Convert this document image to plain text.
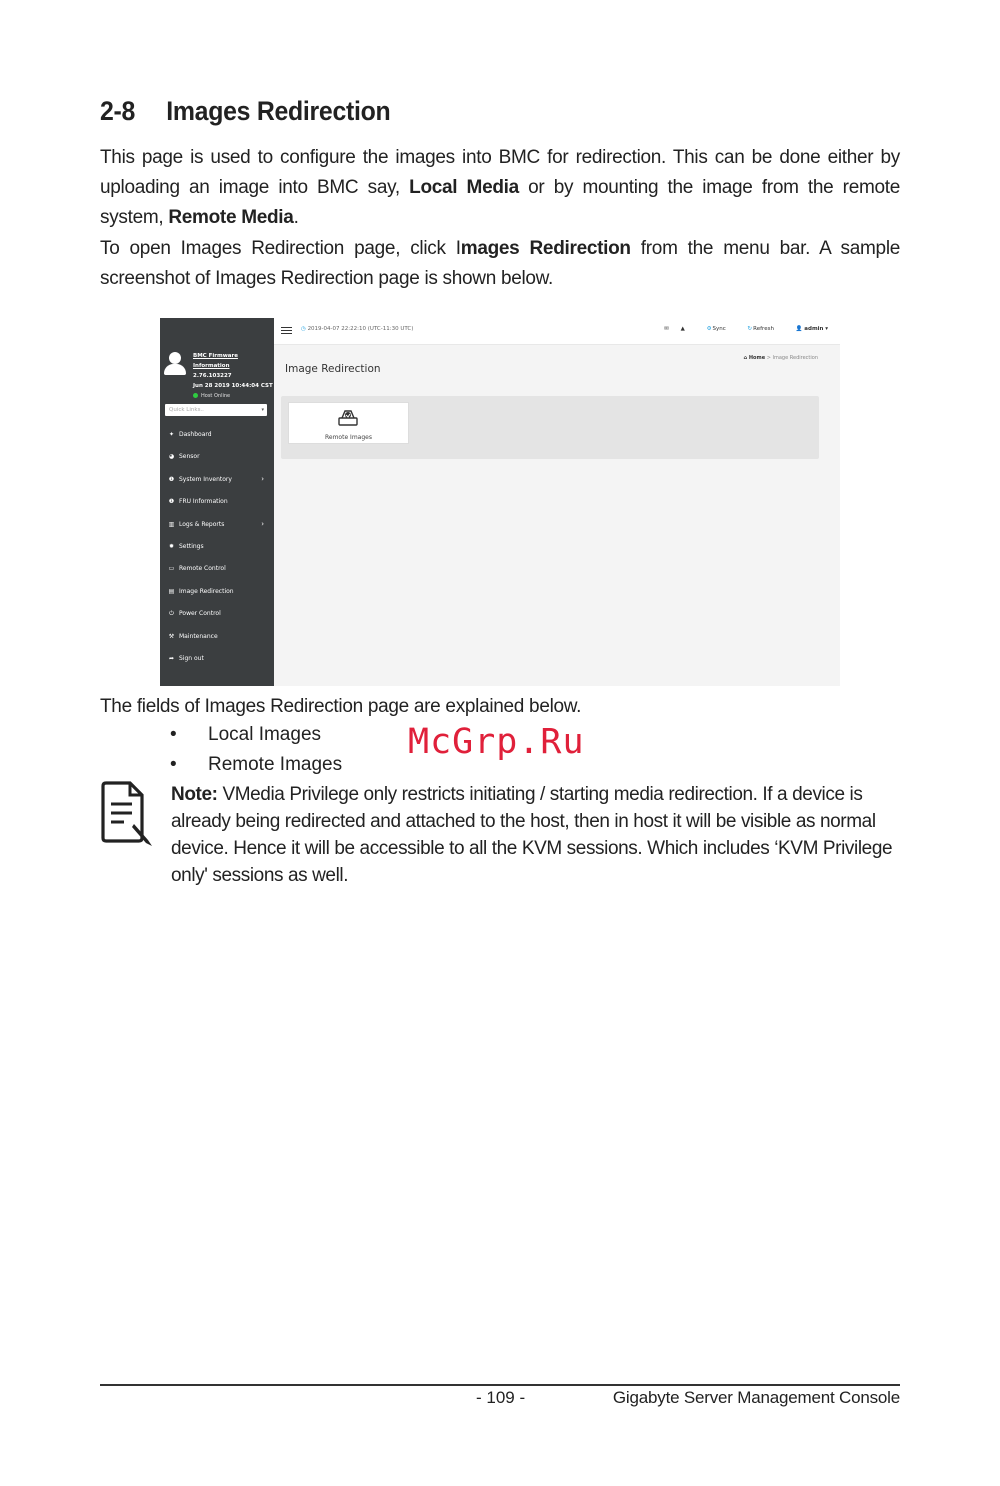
2-8 Images Redirection

This page is used to configure the images into BMC for redirection. This can be done either by uploading an image into BMC say, Local Media or by mounting the image from the remote system, Remote Media.

To open Images Redirection page, click Images Redirection from the menu bar. A sample screenshot of Images Redirection page is shown below.

BMC Firmware Information
2.76.103227
Jun 28 2019 10:44:04 CST
Host Online
Quick Links..	▾
✦ Dashboard
◕ Sensor
❶ System Inventory	›
❶ FRU Information
▥ Logs & Reports	›
✹ Settings
▭ Remote Control
▤ Image Redirection
⏻ Power Control
⚒ Maintenance
➦ Sign out
◷ 2019-04-07 22:22:10 (UTC-11:30 UTC)	✉ ▲	⚙Sync	↻Refresh	👤 admin ▾
Image Redirection
⌂ Home > Image Redirection
Remote Images

The fields of Images Redirection page are explained below.

• Local Images
• Remote Images
McGrp.Ru
Note: VMedia Privilege only restricts initiating / starting media redirection. If a device is already being redirected and attached to the host, then in host it will be visible as normal device. Hence it will be accessible to all the KVM sessions. Which includes ‘KVM Privilege only' sessions as well.
- 109 -	Gigabyte Server Management Console
